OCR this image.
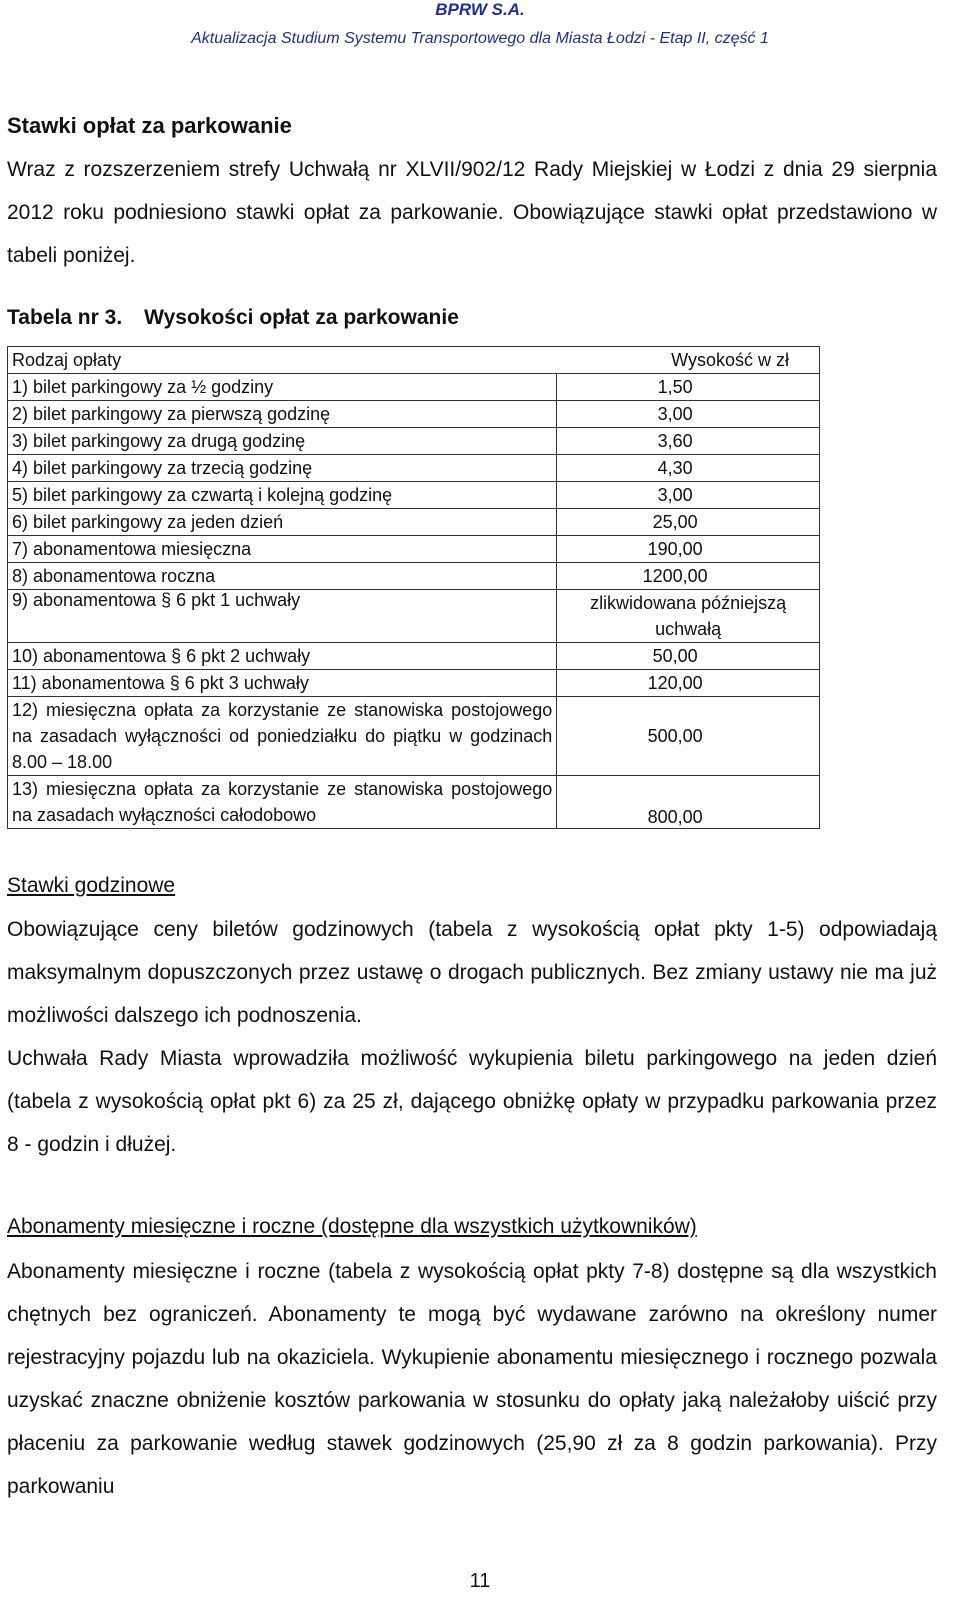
BPRW S.A.
Aktualizacja Studium Systemu Transportowego dla Miasta Łodzi - Etap II, część 1
Stawki opłat za parkowanie
Wraz z rozszerzeniem strefy Uchwałą nr XLVII/902/12 Rady Miejskiej w Łodzi z dnia 29 sierpnia 2012 roku podniesiono stawki opłat za parkowanie. Obowiązujące stawki opłat przedstawiono w tabeli poniżej.
Tabela nr 3. Wysokości opłat za parkowanie
Rodzaj opłaty	Wysokość w zł
1) bilet parkingowy za ½ godziny	1,50
2) bilet parkingowy za pierwszą godzinę	3,00
3) bilet parkingowy za drugą godzinę	3,60
4) bilet parkingowy za trzecią godzinę	4,30
5) bilet parkingowy za czwartą i kolejną godzinę	3,00
6) bilet parkingowy za jeden dzień	25,00
7) abonamentowa miesięczna	190,00
8) abonamentowa roczna	1200,00
9) abonamentowa § 6 pkt 1 uchwały	zlikwidowana późniejszą uchwałą
10) abonamentowa § 6 pkt 2 uchwały	50,00
11) abonamentowa § 6 pkt 3 uchwały	120,00
12) miesięczna opłata za korzystanie ze stanowiska postojowego na zasadach wyłączności od poniedziałku do piątku w godzinach 8.00 – 18.00	500,00
13) miesięczna opłata za korzystanie ze stanowiska postojowego na zasadach wyłączności całodobowo	800,00
Stawki godzinowe
Obowiązujące ceny biletów godzinowych (tabela z wysokością opłat pkty 1-5) odpowiadają maksymalnym dopuszczonych przez ustawę o drogach publicznych. Bez zmiany ustawy nie ma już możliwości dalszego ich podnoszenia.
Uchwała Rady Miasta wprowadziła możliwość wykupienia biletu parkingowego na jeden dzień (tabela z wysokością opłat pkt 6) za 25 zł, dającego obniżkę opłaty w przypadku parkowania przez 8 - godzin i dłużej.
Abonamenty miesięczne i roczne (dostępne dla wszystkich użytkowników)
Abonamenty miesięczne i roczne (tabela z wysokością opłat pkty 7-8) dostępne są dla wszystkich chętnych bez ograniczeń. Abonamenty te mogą być wydawane zarówno na określony numer rejestracyjny pojazdu lub na okaziciela. Wykupienie abonamentu miesięcznego i rocznego pozwala uzyskać znaczne obniżenie kosztów parkowania w stosunku do opłaty jaką należałoby uiścić przy płaceniu za parkowanie według stawek godzinowych (25,90 zł za 8 godzin parkowania). Przy parkowaniu
11
